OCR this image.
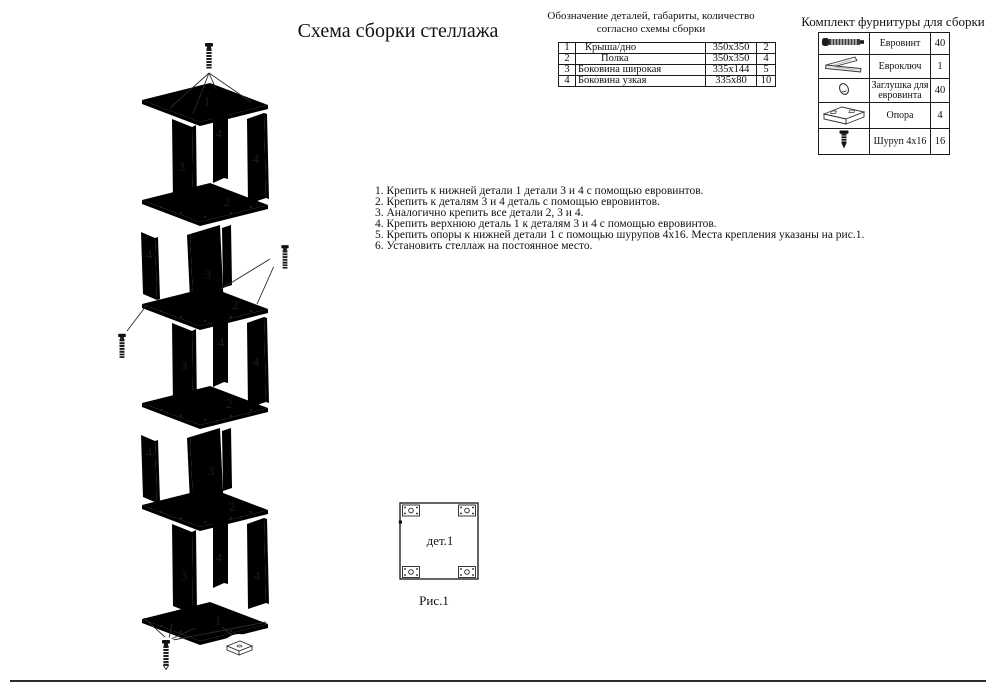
Схема сборки стеллажа
Обозначение деталей, габариты, количество
согласно схемы сборки
1	Крыша/дно	350x350	2
2	Полка	350x350	4
3	Боковина широкая	335x144	5
4	Боковина узкая	335x80	10
Комплект фурнитуры для сборки
	Евровинт	40
	Евроключ	1
	Заглушка для евровинта	40
	Опора	4
	Шуруп 4x16	16
1. Крепить к нижней детали 1 детали 3 и 4 с помощью евровинтов.
2. Крепить к деталям 3 и 4 деталь с помощью евровинтов.
3. Аналогично крепить все детали 2, 3 и 4.
4. Крепить верхнюю деталь 1 к деталям 3 и 4 с помощью евровинтов.
5. Крепить опоры к нижней детали 1 с помощью шурупов 4x16. Места крепления указаны на рис.1.
6. Установить стеллаж на постоянное место.
1
3
4
4
2
4
3
2
3
4
4
2
4
3
2
3
4
4
1
дет.1
Рис.1
